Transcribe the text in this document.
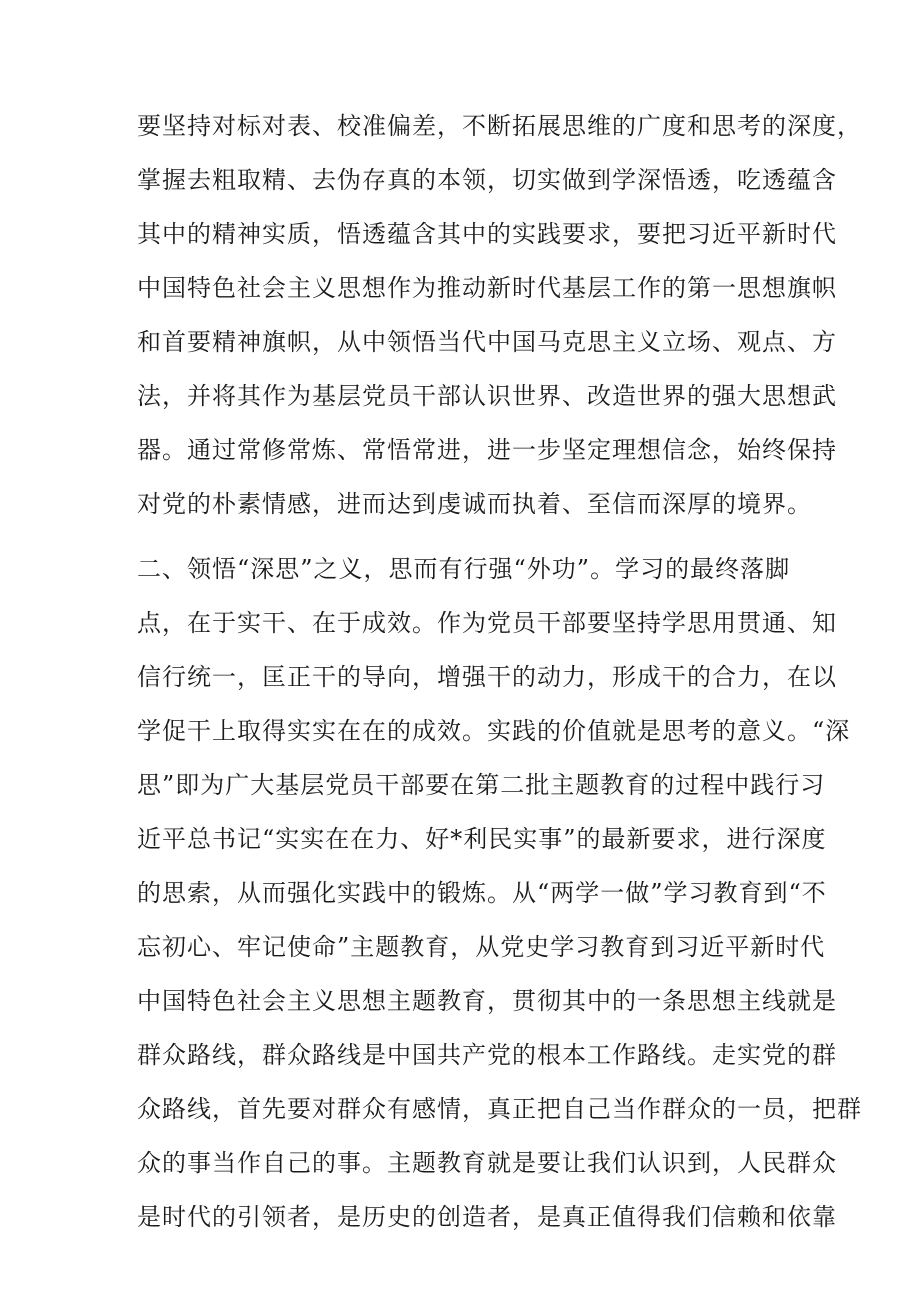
要坚持对标对表、校准偏差，不断拓展思维的广度和思考的深度，
掌握去粗取精、去伪存真的本领，切实做到学深悟透，吃透蕴含
其中的精神实质，悟透蕴含其中的实践要求，要把习近平新时代
中国特色社会主义思想作为推动新时代基层工作的第一思想旗帜
和首要精神旗帜，从中领悟当代中国马克思主义立场、观点、方
法，并将其作为基层党员干部认识世界、改造世界的强大思想武
器。通过常修常炼、常悟常进，进一步坚定理想信念，始终保持
对党的朴素情感，进而达到虔诚而执着、至信而深厚的境界。
二、领悟“深思”之义，思而有行强“外功”。学习的最终落脚
点，在于实干、在于成效。作为党员干部要坚持学思用贯通、知
信行统一，匡正干的导向，增强干的动力，形成干的合力，在以
学促干上取得实实在在的成效。实践的价值就是思考的意义。“深
思”即为广大基层党员干部要在第二批主题教育的过程中践行习
近平总书记“实实在在力、好*利民实事”的最新要求，进行深度
的思索，从而强化实践中的锻炼。从“两学一做”学习教育到“不
忘初心、牢记使命”主题教育，从党史学习教育到习近平新时代
中国特色社会主义思想主题教育，贯彻其中的一条思想主线就是
群众路线，群众路线是中国共产党的根本工作路线。走实党的群
众路线，首先要对群众有感情，真正把自己当作群众的一员，把群
众的事当作自己的事。主题教育就是要让我们认识到，人民群众
是时代的引领者，是历史的创造者，是真正值得我们信赖和依靠
